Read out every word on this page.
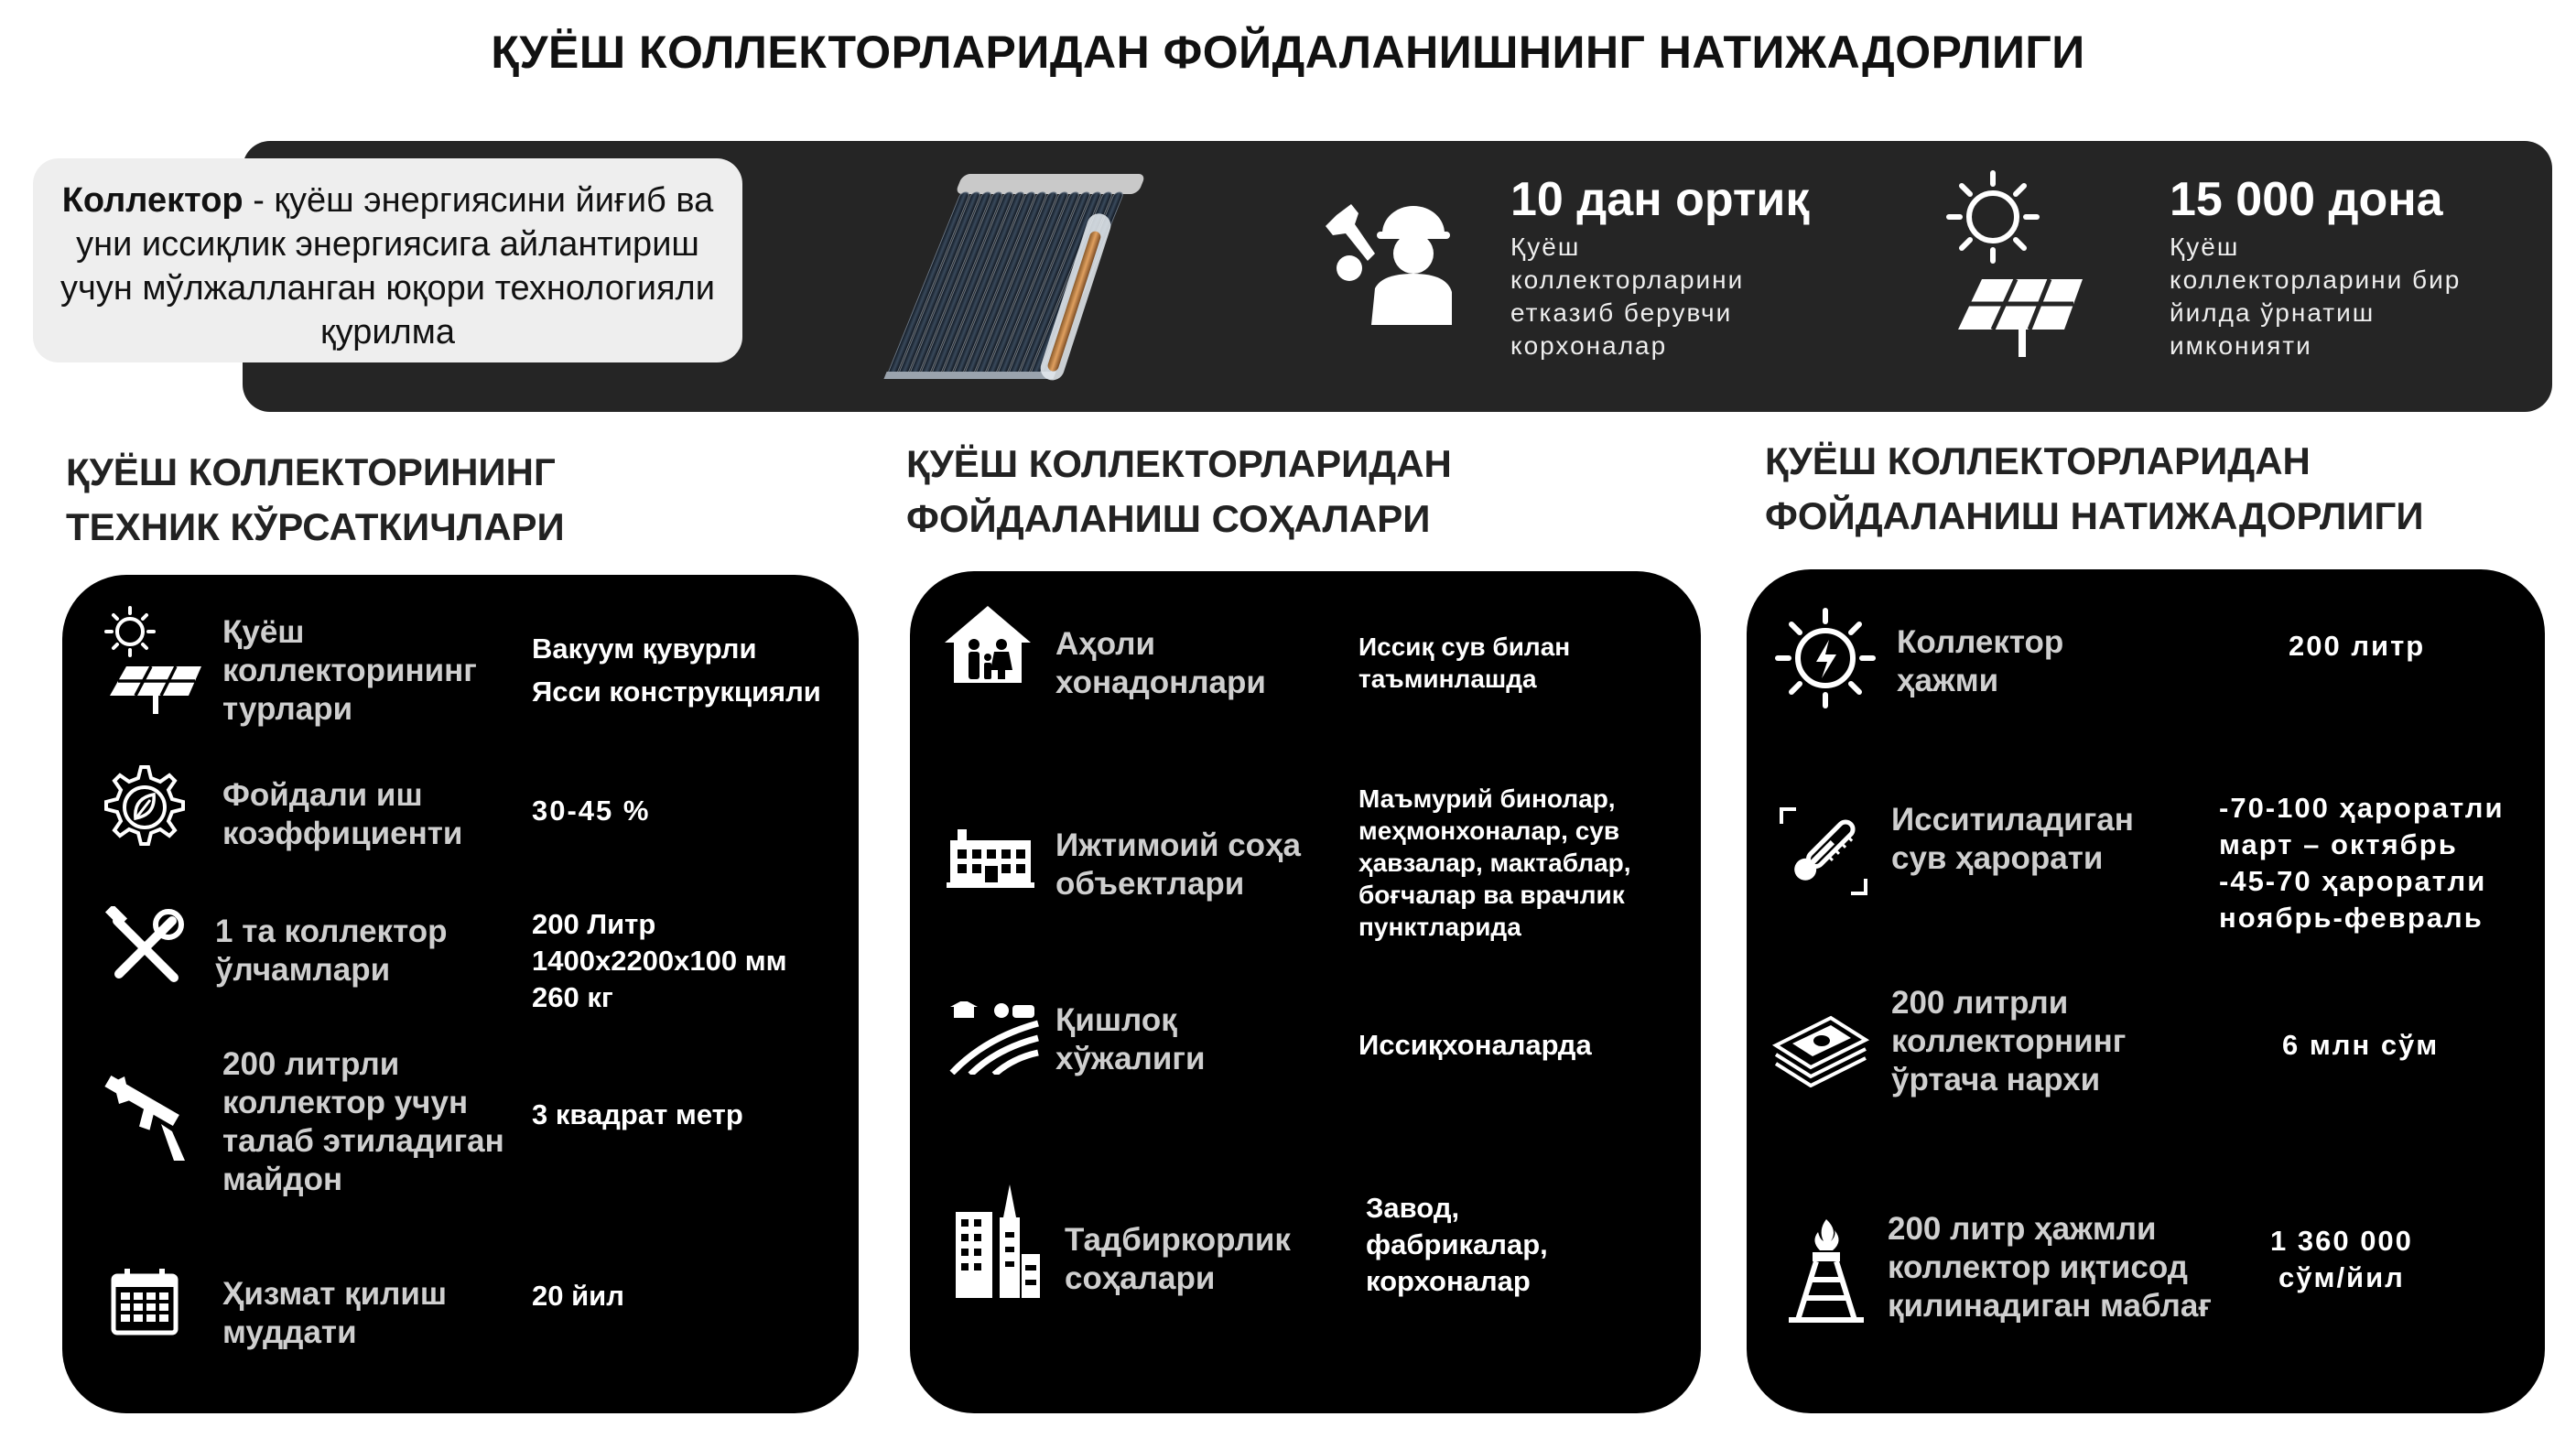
ҚУЁШ КОЛЛЕКТОРЛАРИДАН ФОЙДАЛАНИШНИНГ НАТИЖАДОРЛИГИ
Коллектор - қуёш энергиясини йиғиб ва уни иссиқлик энергиясига айлантириш учун мўлжалланган юқори технологияли қурилма
10 дан ортиқ
Қуёш коллекторларини етказиб берувчи корхоналар
15 000 дона
Қуёш коллекторларини бир йилда ўрнатиш имконияти
ҚУЁШ КОЛЛЕКТОРИНИНГ
ТЕХНИК КЎРСАТКИЧЛАРИ
ҚУЁШ КОЛЛЕКТОРЛАРИДАН
ФОЙДАЛАНИШ СОҲАЛАРИ
ҚУЁШ КОЛЛЕКТОРЛАРИДАН
ФОЙДАЛАНИШ НАТИЖАДОРЛИГИ
Қуёш
коллекторининг
турлари
Вакуум қувурли
Ясси конструкцияли
Фойдали иш
коэффициенти
30-45 %
1 та коллектор
ўлчамлари
200 Литр
1400х2200х100 мм
260 кг
200 литрли
коллектор учун
талаб этиладиган
майдон
3 квадрат метр
Ҳизмат қилиш
муддати
20 йил
Аҳоли
хонадонлари
Иссиқ сув билан
таъминлашда
Ижтимоий соҳа
объектлари
Маъмурий бинолар,
меҳмонхоналар, сув
ҳавзалар, мактаблар,
боғчалар ва врачлик
пунктларида
Қишлоқ
хўжалиги	Иссиқхоналарда
Тадбиркорлик
соҳалари
Завод,
фабрикалар,
корхоналар
Коллектор
ҳажми
200 литр
Исситиладиган
сув ҳарорати
-70-100 ҳароратли
март – октябрь
-45-70 ҳароратли
ноябрь-февраль
200 литрли
коллекторнинг
ўртача нархи
6 млн сўм
200 литр ҳажмли
коллектор иқтисод
қилинадиган маблағ
1 360 000
сўм/йил
